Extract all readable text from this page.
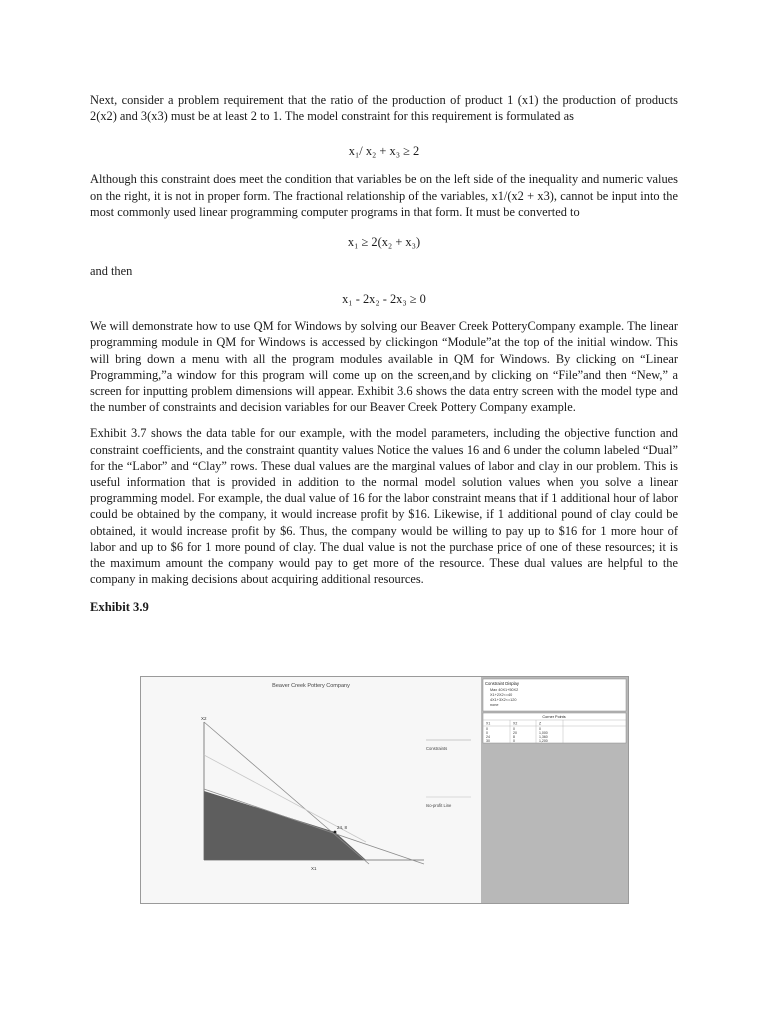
Next, consider a problem requirement that the ratio of the production of product 1 (x1) the production of products 2(x2) and 3(x3) must be at least 2 to 1. The model constraint for this requirement is formulated as

x₁/ x₂ + x₃ ≥ 2

Although this constraint does meet the condition that variables be on the left side of the inequality and numeric values on the right, it is not in proper form. The fractional relationship of the variables, x1/(x2 + x3), cannot be input into the most commonly used linear programming computer programs in that form. It must be converted to

x₁ ≥ 2(x₂ + x₃)

and then

x₁ - 2x₂ - 2x₃ ≥ 0

We will demonstrate how to use QM for Windows by solving our Beaver Creek PotteryCompany example. The linear programming module in QM for Windows is accessed by clickingon “Module”at the top of the initial window. This will bring down a menu with all the program modules available in QM for Windows. By clicking on “Linear Programming,”a window for this program will come up on the screen,and by clicking on “File”and then “New,” a screen for inputting problem dimensions will appear. Exhibit 3.6 shows the data entry screen with the model type and the number of constraints and decision variables for our Beaver Creek Pottery Company example.

Exhibit 3.7 shows the data table for our example, with the model parameters, including the objective function and constraint coefficients, and the constraint quantity values Notice the values 16 and 6 under the column labeled “Dual” for the “Labor” and “Clay” rows. These dual values are the marginal values of labor and clay in our problem. This is useful information that is provided in addition to the normal model solution values when you solve a linear programming model. For example, the dual value of 16 for the labor constraint means that if 1 additional hour of labor could be obtained by the company, it would increase profit by $16. Likewise, if 1 additional pound of clay could be obtained, it would increase profit by $6. Thus, the company would be willing to pay up to $16 for 1 more hour of labor and up to $6 for 1 more pound of clay. The dual value is not the purchase price of one of these resources; it is the maximum amount the company would pay to get more of the resource. These dual values are helpful to the company in making decisions about acquiring additional resources.

Exhibit 3.9

Beaver Creek Pottery Company
24, 8
X2
X1
Constraints
Iso-profit Line
Constraint Display
Max 40X1+50X2
X1+2X2<=40
4X1+3X2<=120
none
Corner Points
X1	X2	Z
0	0	0
0	20	1,000
24	8	1,360
30	0	1,200
